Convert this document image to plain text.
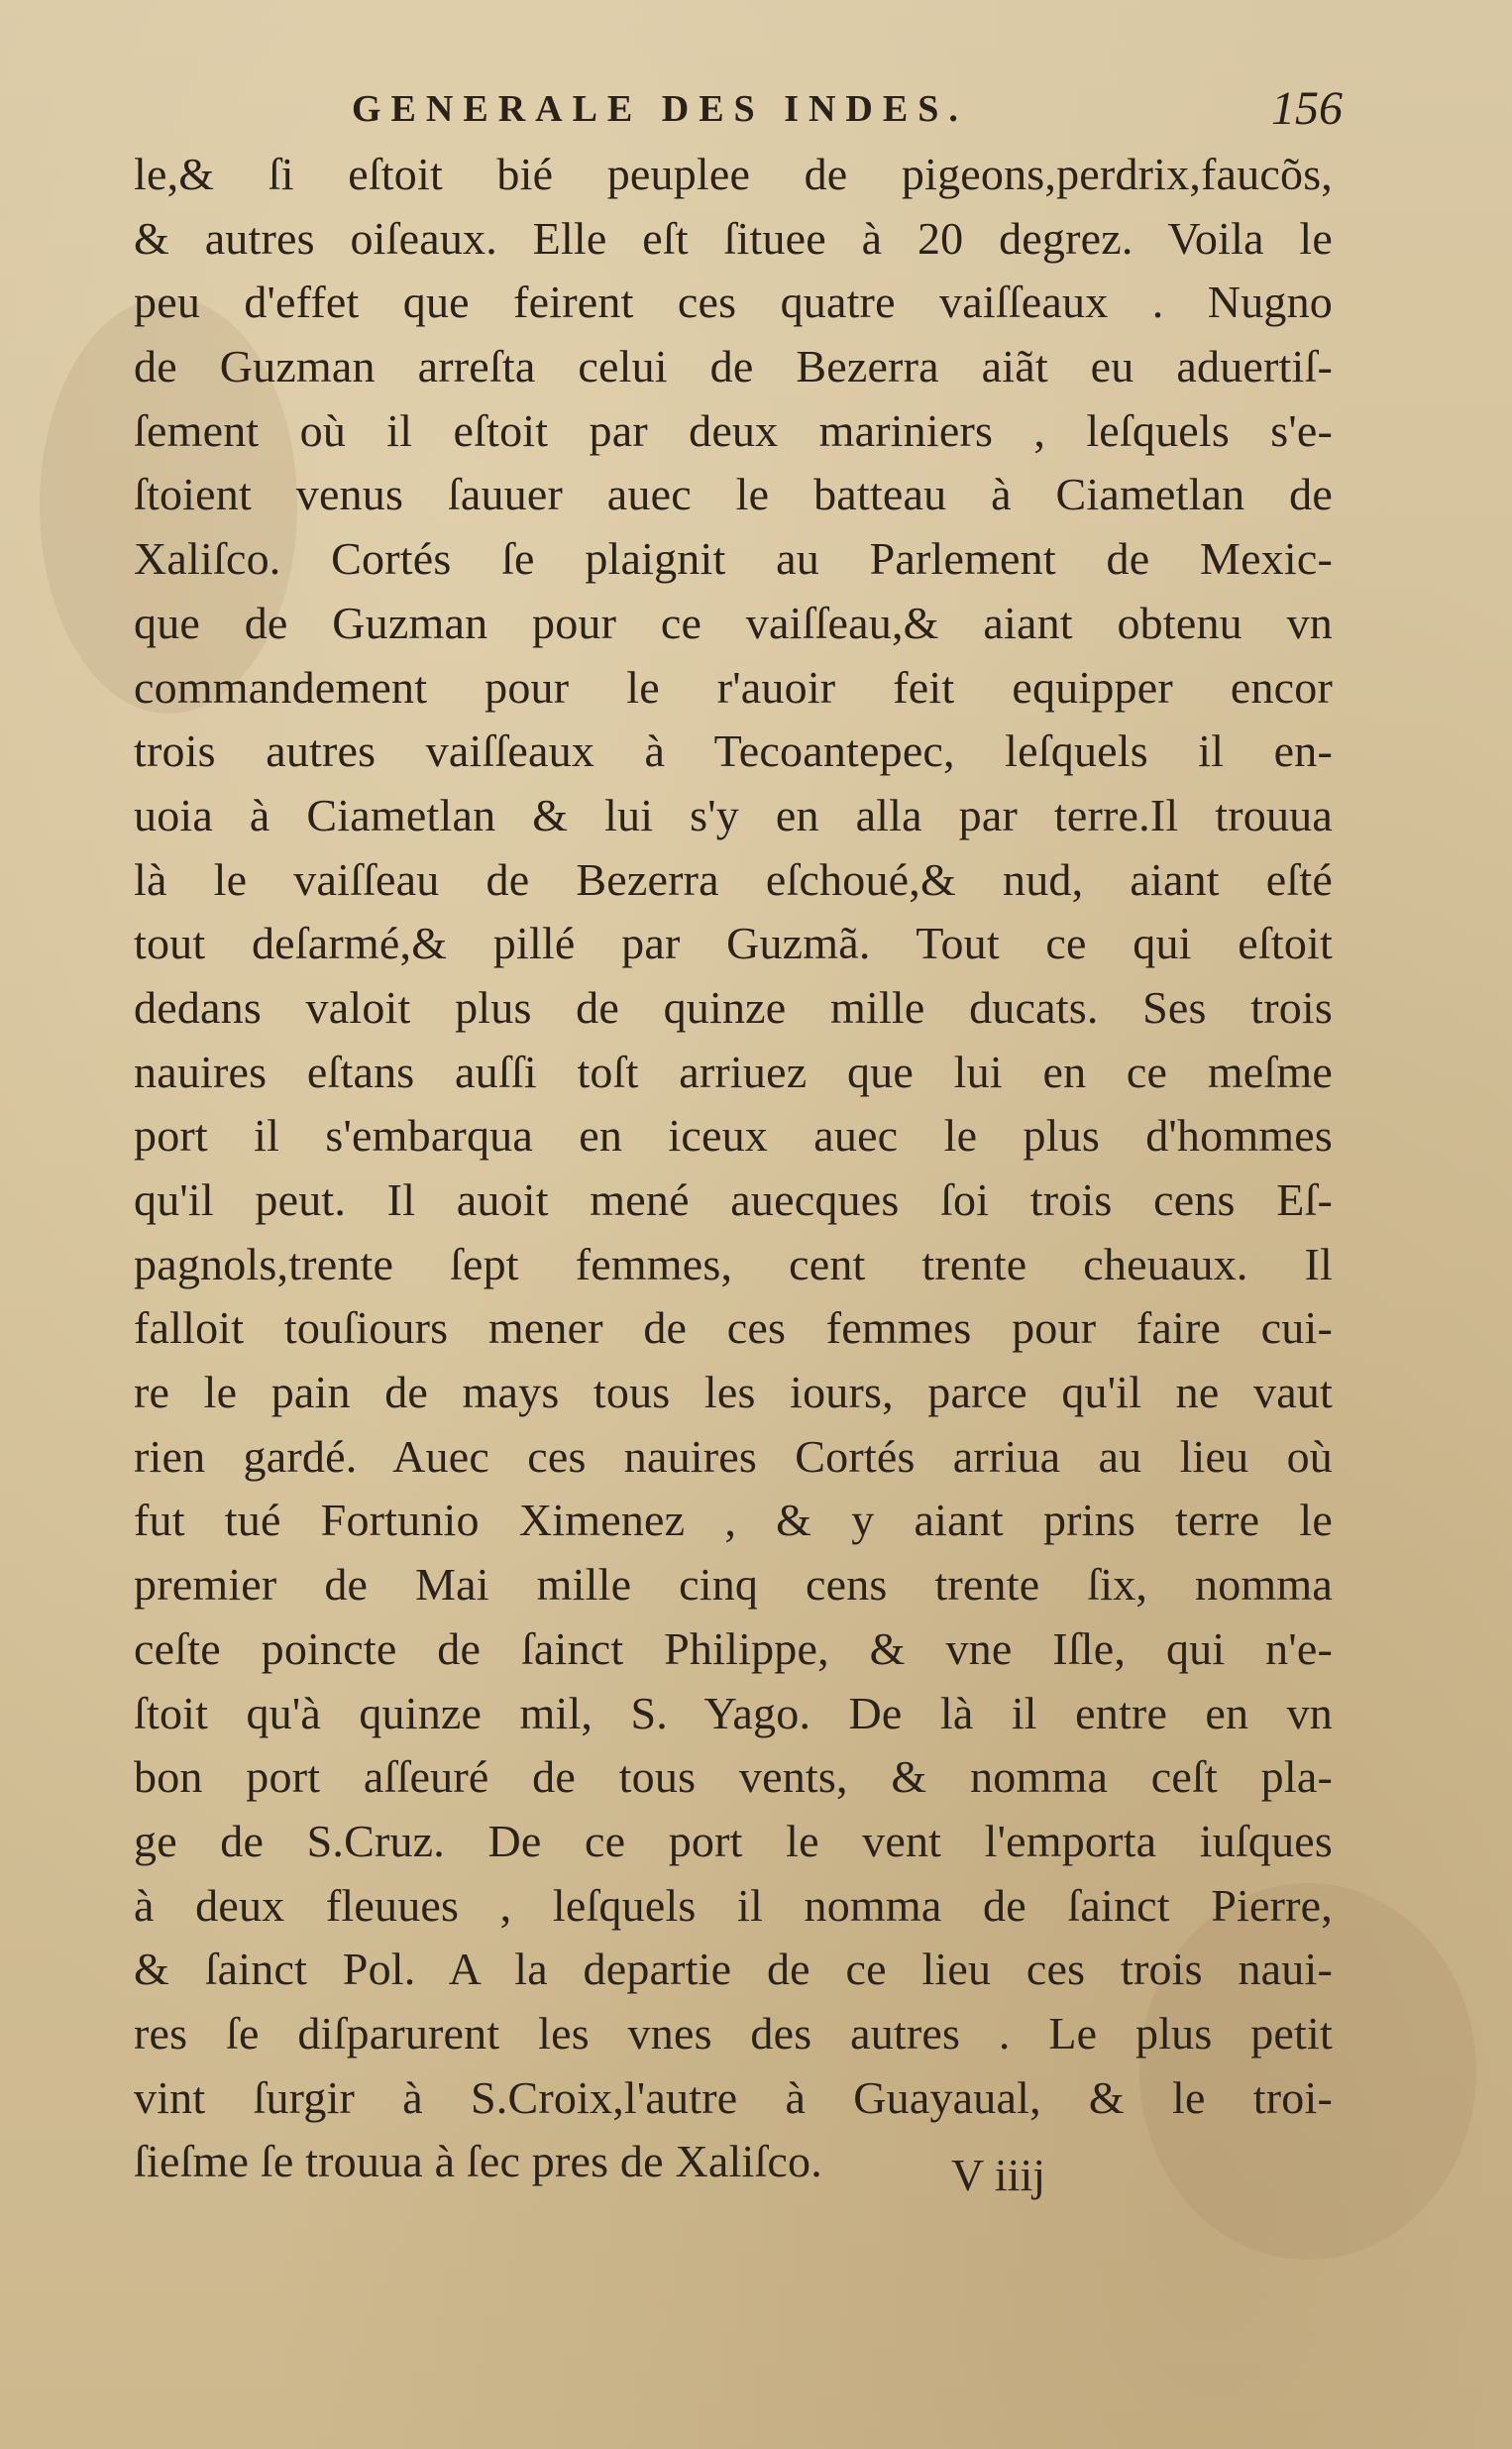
GENERALE DES INDES.	156
le,& ſi eſtoit bié peuplee de pigeons,perdrix,faucõs,
& autres oiſeaux. Elle eſt ſituee à 20 degrez. Voila le
peu d'effet que feirent ces quatre vaiſſeaux . Nugno
de Guzman arreſta celui de Bezerra aiãt eu aduertiſ-
ſement où il eſtoit par deux mariniers , leſquels s'e-
ſtoient venus ſauuer auec le batteau à Ciametlan de
Xaliſco. Cortés ſe plaignit au Parlement de Mexic-
que de Guzman pour ce vaiſſeau,& aiant obtenu vn
commandement pour le r'auoir feit equipper encor
trois autres vaiſſeaux à Tecoantepec, leſquels il en-
uoia à Ciametlan & lui s'y en alla par terre.Il trouua
là le vaiſſeau de Bezerra eſchoué,& nud, aiant eſté
tout deſarmé,& pillé par Guzmã. Tout ce qui eſtoit
dedans valoit plus de quinze mille ducats. Ses trois
nauires eſtans auſſi toſt arriuez que lui en ce meſme
port il s'embarqua en iceux auec le plus d'hommes
qu'il peut. Il auoit mené auecques ſoi trois cens Eſ-
pagnols,trente ſept femmes, cent trente cheuaux. Il
falloit touſiours mener de ces femmes pour faire cui-
re le pain de mays tous les iours, parce qu'il ne vaut
rien gardé. Auec ces nauires Cortés arriua au lieu où
fut tué Fortunio Ximenez , & y aiant prins terre le
premier de Mai mille cinq cens trente ſix, nomma
ceſte poincte de ſainct Philippe, & vne Iſle, qui n'e-
ſtoit qu'à quinze mil, S. Yago. De là il entre en vn
bon port aſſeuré de tous vents, & nomma ceſt pla-
ge de S.Cruz. De ce port le vent l'emporta iuſques
à deux fleuues , leſquels il nomma de ſainct Pierre,
& ſainct Pol. A la departie de ce lieu ces trois naui-
res ſe diſparurent les vnes des autres . Le plus petit
vint ſurgir à S.Croix,l'autre à Guayaual, & le troi-
ſieſme ſe trouua à ſec pres de Xaliſco.	V iiij
